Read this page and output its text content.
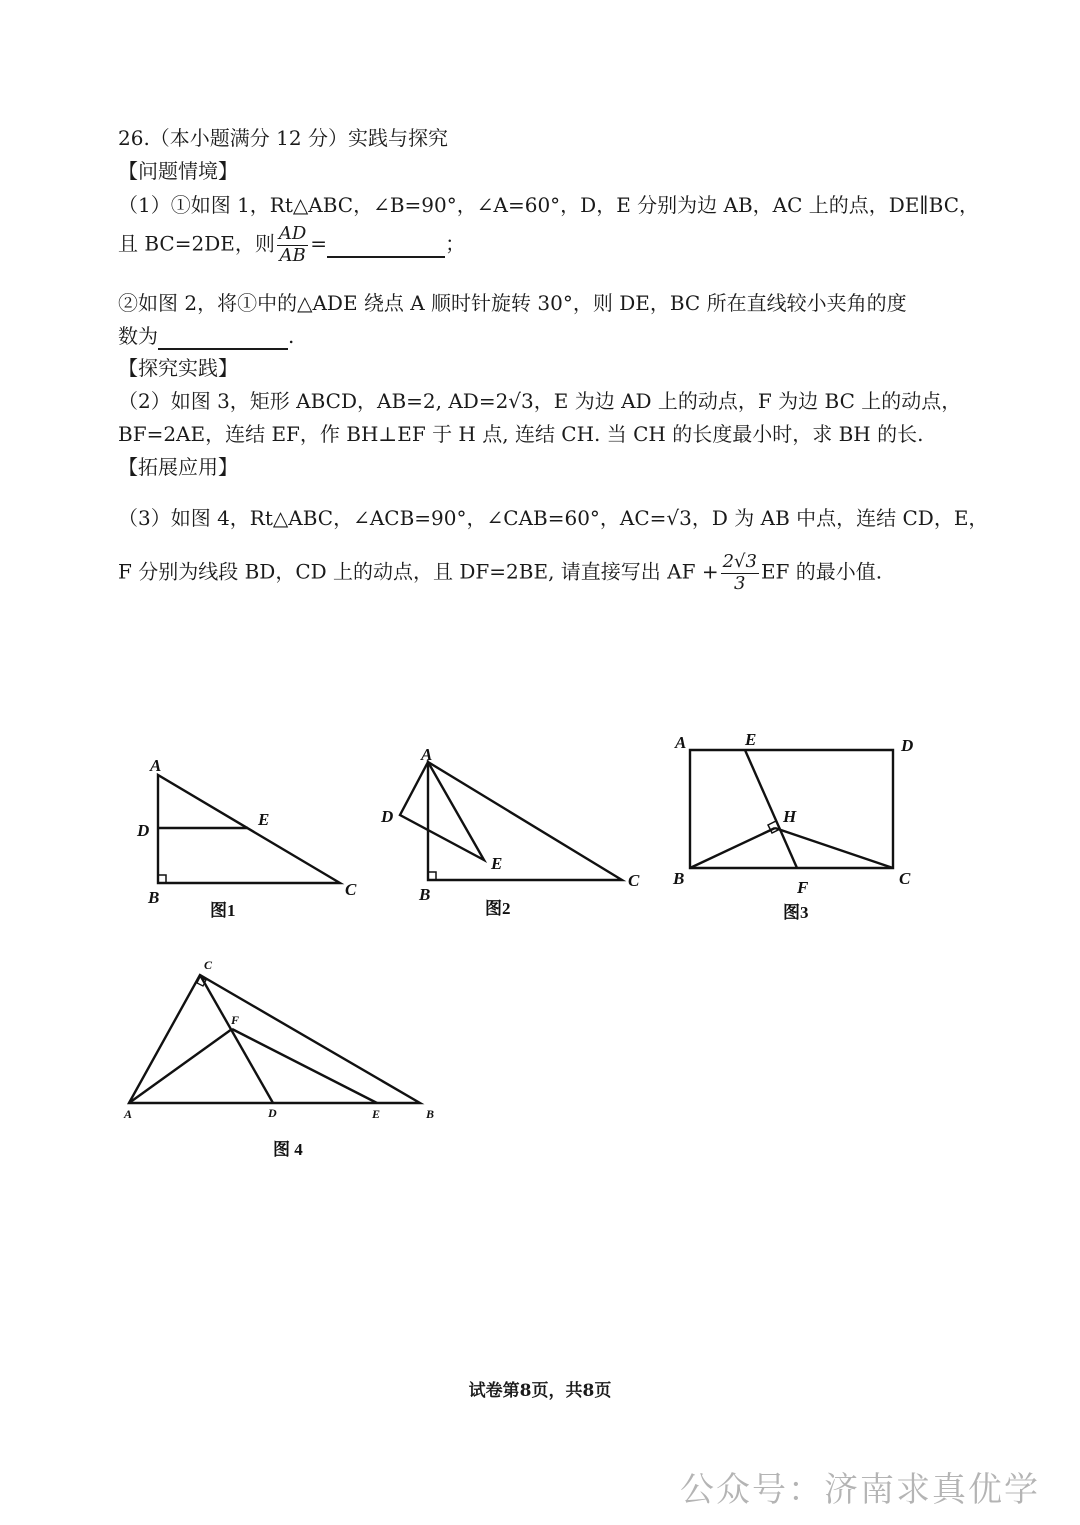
26.（本小题满分 12 分）实践与探究
【问题情境】
（1）①如图 1，Rt△ABC，∠B=90°，∠A=60°，D，E 分别为边 AB，AC 上的点，DE∥BC，
且 BC=2DE，则 $\frac{AD}{AB}$ =	；
②如图 2，将①中的△ADE 绕点 A 顺时针旋转 30°，则 DE，BC 所在直线较小夹角的度
数为	.
【探究实践】
（2）如图 3，矩形 ABCD，AB=2, AD=2√3，E 为边 AD 上的动点，F 为边 BC 上的动点，
BF=2AE，连结 EF，作 BH⊥EF 于 H 点, 连结 CH. 当 CH 的长度最小时，求 BH 的长.
【拓展应用】
（3）如图 4，Rt△ABC，∠ACB=90°，∠CAB=60°，AC=√3，D 为 AB 中点，连结 CD，E，
F 分别为线段 BD，CD 上的动点，且 DF=2BE, 请直接写出 AF + $\frac{2√3}{3}$ EF 的最小值.
A
D
E
B	C
图1
A
D
E
B
C
图2
A	E	D
H
B	F	C
图3
C
F
A	D	E	B
图 4
试卷第8页，共8页
公众号：济南求真优学
